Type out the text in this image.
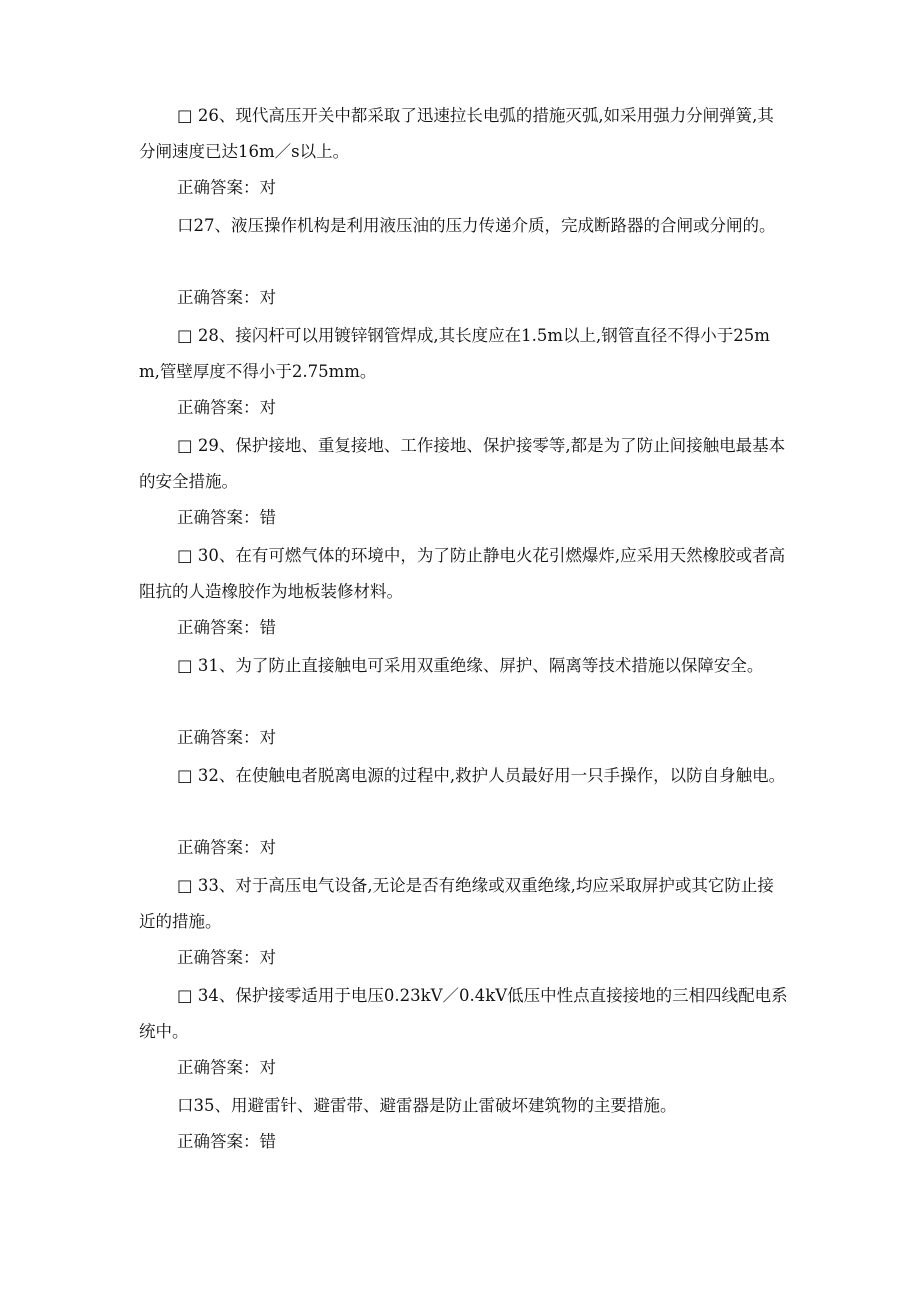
□ 26、现代高压开关中都采取了迅速拉长电弧的措施灭弧,如采用强力分闸弹簧,其分闸速度已达16m／s以上。
正确答案：对
口27、液压操作机构是利用液压油的压力传递介质，完成断路器的合闸或分闸的。
正确答案：对
□ 28、接闪杆可以用镀锌钢管焊成,其长度应在1.5m以上,钢管直径不得小于25mm,管壁厚度不得小于2.75mm。
正确答案：对
□ 29、保护接地、重复接地、工作接地、保护接零等,都是为了防止间接触电最基本的安全措施。
正确答案：错
□ 30、在有可燃气体的环境中，为了防止静电火花引燃爆炸,应采用天然橡胶或者高阻抗的人造橡胶作为地板装修材料。
正确答案：错
□ 31、为了防止直接触电可采用双重绝缘、屏护、隔离等技术措施以保障安全。
正确答案：对
□ 32、在使触电者脱离电源的过程中,救护人员最好用一只手操作，以防自身触电。
正确答案：对
□ 33、对于高压电气设备,无论是否有绝缘或双重绝缘,均应采取屏护或其它防止接近的措施。
正确答案：对
□ 34、保护接零适用于电压0.23kV／0.4kV低压中性点直接接地的三相四线配电系统中。
正确答案：对
口35、用避雷针、避雷带、避雷器是防止雷破坏建筑物的主要措施。
正确答案：错
